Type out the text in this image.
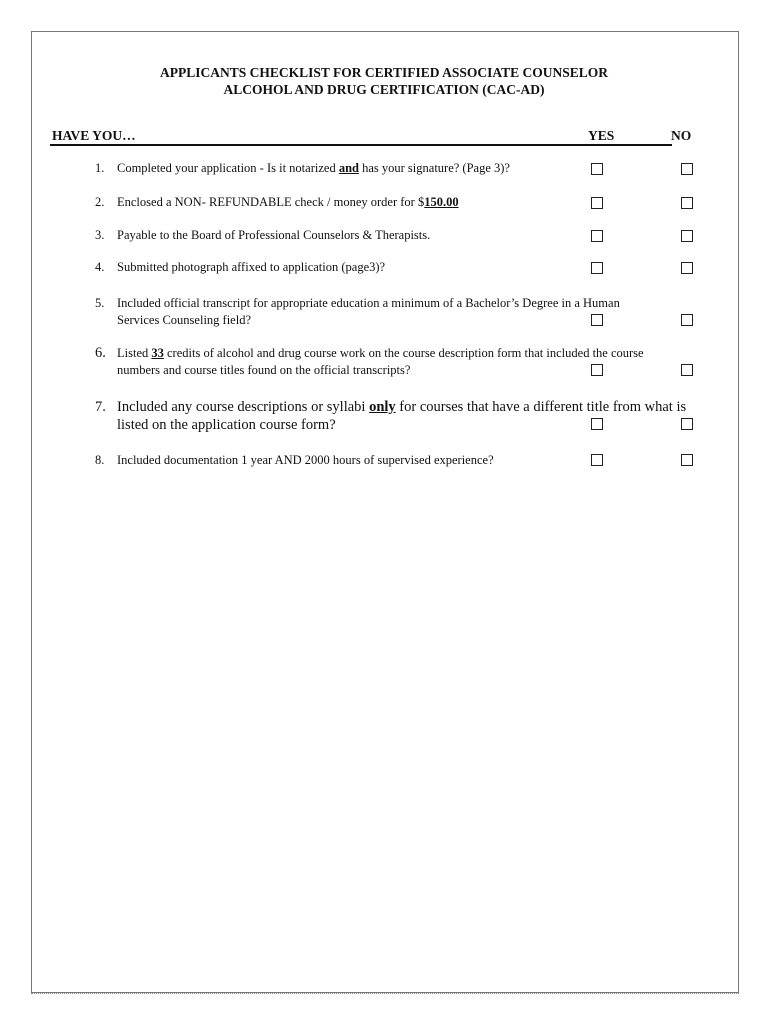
APPLICANTS CHECKLIST FOR CERTIFIED ASSOCIATE COUNSELOR
ALCOHOL AND DRUG CERTIFICATION (CAC-AD)
HAVE YOU…	YES	NO
1.	Completed your application - Is it notarized and has your signature? (Page 3)?
2.	Enclosed a NON- REFUNDABLE check / money order for $150.00
3.	Payable to the Board of Professional Counselors & Therapists.
4.	Submitted photograph affixed to application (page3)?
5.	Included official transcript for appropriate education a minimum of a Bachelor’s Degree in a Human
Services Counseling field?
6. Listed 33 credits of alcohol and drug course work on the course description form that included the course
numbers and course titles found on the official transcripts?
7. Included any course descriptions or syllabi only for courses that have a different title from what is
listed on the application course form?
8.	Included documentation 1 year AND 2000 hours of supervised experience?
